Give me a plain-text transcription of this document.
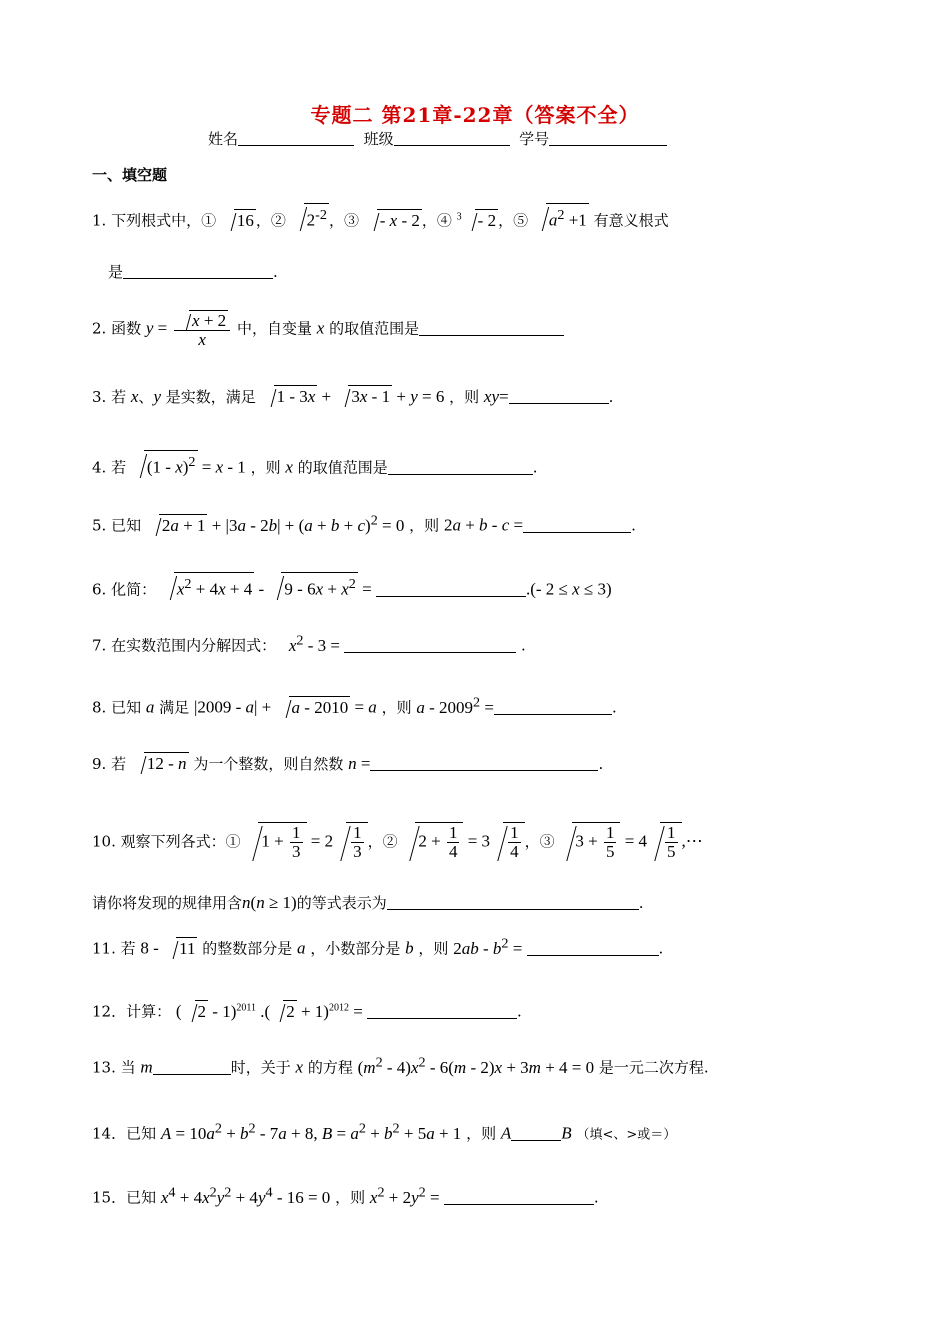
专题二 第21章-22章（答案不全）
姓名	班级	学号
一、填空题
1. 下列根式中，① 16 ，② $2^{-2}$ ，③ - x - 2 ，④ $^3$ - 2 ，⑤ $a^2 +1$ 有意义根式
是	.
2. 函数 $y = \frac{x + 2}{x}$ 中，自变量 x 的取值范围是
3. 若 x、y 是实数，满足 1 - 3x + 3x - 1 + y = 6 ，则 xy=	.
4. 若 (1 - x)$^2$ = x - 1 ，则 x 的取值范围是	.
5. 已知 $2a + 1 + |3a - 2b| + (a + b + c)^2 = 0$ ，则 2a + b - c =	.
6. 化简： $x^2 + 4x + 4 - 9 - 6x + x^2$ =	.(- 2 ≤ x ≤ 3)
7. 在实数范围内分解因式： $x^2 - 3$ =	.
8. 已知 a 满足 |2009 - a| + a - 2010 = a ，则 a - $2009^2$ =	.
9. 若 12 - n 为一个整数，则自然数 n =	.
10. 观察下列各式：① $1 + \frac{1}{3} = 2 \frac{1}{3}$ ，② $2 + \frac{1}{4} = 3 \frac{1}{4}$ ，③ $3 + \frac{1}{5} = 4 \frac{1}{5}$ ,⋯
请你将发现的规律用含n(n ≥ 1)的等式表示为	.
11. 若 8 - 11 的整数部分是 a ，小数部分是 b ，则 $2ab - b^2$ =	.
12．计算： ( 2 - 1)$^{2011}$ .( 2 + 1)$^{2012}$ =	.
13. 当 m	时，关于 x 的方程 $(m^2 - 4)x^2 - 6(m - 2)x + 3m + 4 = 0$ 是一元二次方程.
14．已知 $A = 10a^2 + b^2 - 7a + 8$, $B = a^2 + b^2 + 5a + 1$ ，则 A	B （填<、>或＝）
15．已知 $x^4 + 4x^2y^2 + 4y^4 - 16 = 0$ ，则 $x^2 + 2y^2$ =	.
